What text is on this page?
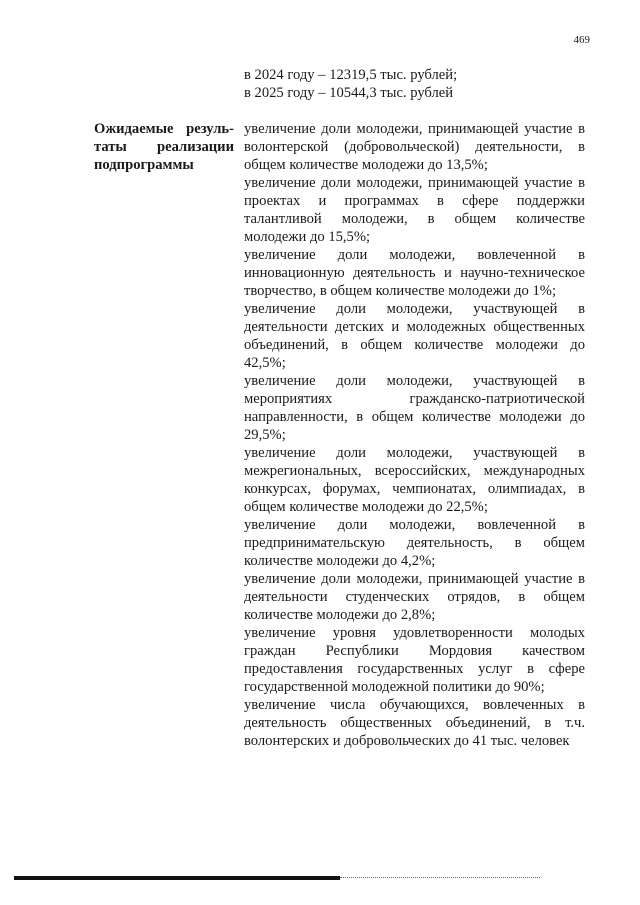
469
в 2024 году – 12319,5 тыс. рублей;
в 2025 году – 10544,3 тыс. рублей
Ожидаемые резуль-
таты реализации
подпрограммы

увеличение доли молодежи, принимающей участие в волонтерской (добровольческой) деятельности, в общем количестве молодежи до 13,5%;

увеличение доли молодежи, принимающей участие в проектах и программах в сфере поддержки талантливой молодежи, в общем количестве молодежи до 15,5%;

увеличение доли молодежи, вовлеченной в инновационную деятельность и научно-техническое творчество, в общем количестве молодежи до 1%;

увеличение доли молодежи, участвующей в деятельности детских и молодежных общественных объединений, в общем количестве молодежи до 42,5%;

увеличение доли молодежи, участвующей в мероприятиях гражданско-патриотической направленности, в общем количестве молодежи до 29,5%;

увеличение доли молодежи, участвующей в межрегиональных, всероссийских, международных конкурсах, форумах, чемпионатах, олимпиадах, в общем количестве молодежи до 22,5%;

увеличение доли молодежи, вовлеченной в предпринимательскую деятельность, в общем количестве молодежи до 4,2%;

увеличение доли молодежи, принимающей участие в деятельности студенческих отрядов, в общем количестве молодежи до 2,8%;

увеличение уровня удовлетворенности молодых граждан Республики Мордовия качеством предоставления государственных услуг в сфере государственной молодежной политики до 90%;

увеличение числа обучающихся, вовлеченных в деятельность общественных объединений, в т.ч. волонтерских и добровольческих до 41 тыс. человек
